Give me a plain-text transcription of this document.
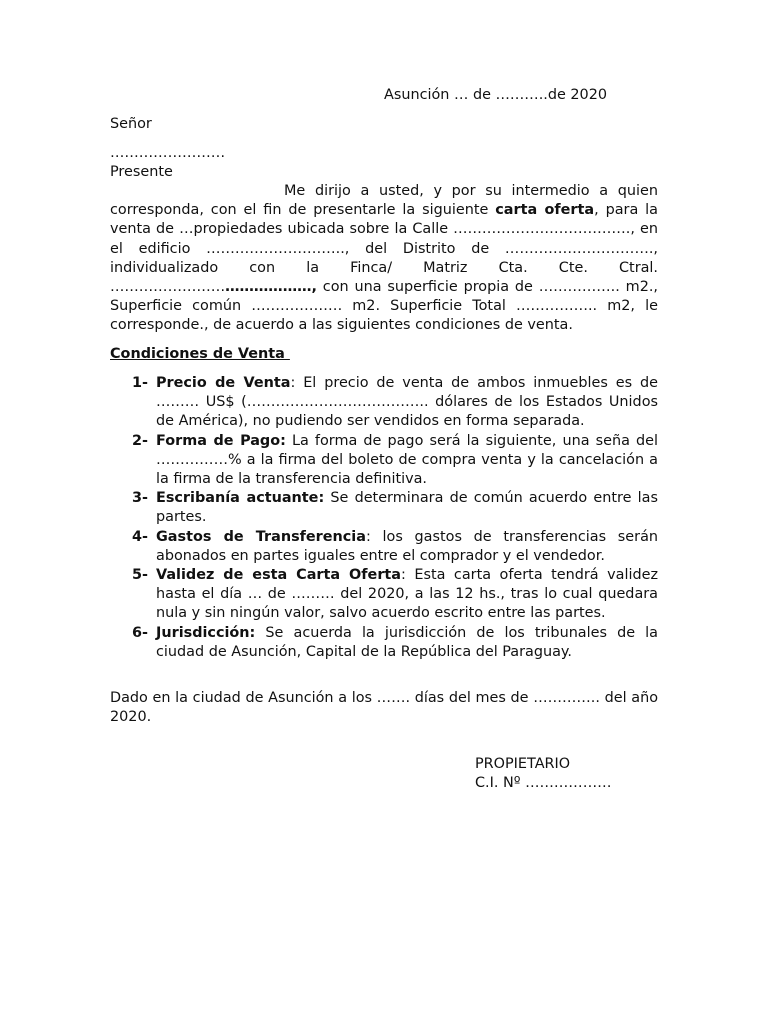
Asunción … de ………..de 2020
Señor
……………………
Presente
Me dirijo a usted, y por su intermedio a quien corresponda, con el fin de presentarle la siguiente carta oferta, para la venta de …propiedades ubicada sobre la Calle ………………………………., en el edificio ……………………….., del Distrito de …………………………., individualizado con la Finca/ Matriz Cta. Cte. Ctral. ……………………………………, con una superficie propia de …………….. m2., Superficie común ………………. m2. Superficie Total …………….. m2, le corresponde., de acuerdo a las siguientes condiciones de venta.
Condiciones de Venta
1- Precio de Venta: El precio de venta de ambos inmuebles es de ……… US$ (……………………………….. dólares de los Estados Unidos de América), no pudiendo ser vendidos en forma separada.
2- Forma de Pago: La forma de pago será la siguiente, una seña del ……………% a la firma del boleto de compra venta y la cancelación a la firma de la transferencia definitiva.
3- Escribanía actuante: Se determinara de común acuerdo entre las partes.
4- Gastos de Transferencia: los gastos de transferencias serán abonados en partes iguales entre el comprador y el vendedor.
5- Validez de esta Carta Oferta: Esta carta oferta tendrá validez hasta el día … de ……… del 2020, a las 12 hs., tras lo cual quedara nula y sin ningún valor, salvo acuerdo escrito entre las partes.
6- Jurisdicción: Se acuerda la jurisdicción de los tribunales de la ciudad de Asunción, Capital de la República del Paraguay.
Dado en la ciudad de Asunción a los ……. días del mes de ………….. del año 2020.
PROPIETARIO
C.I. Nº ………………
